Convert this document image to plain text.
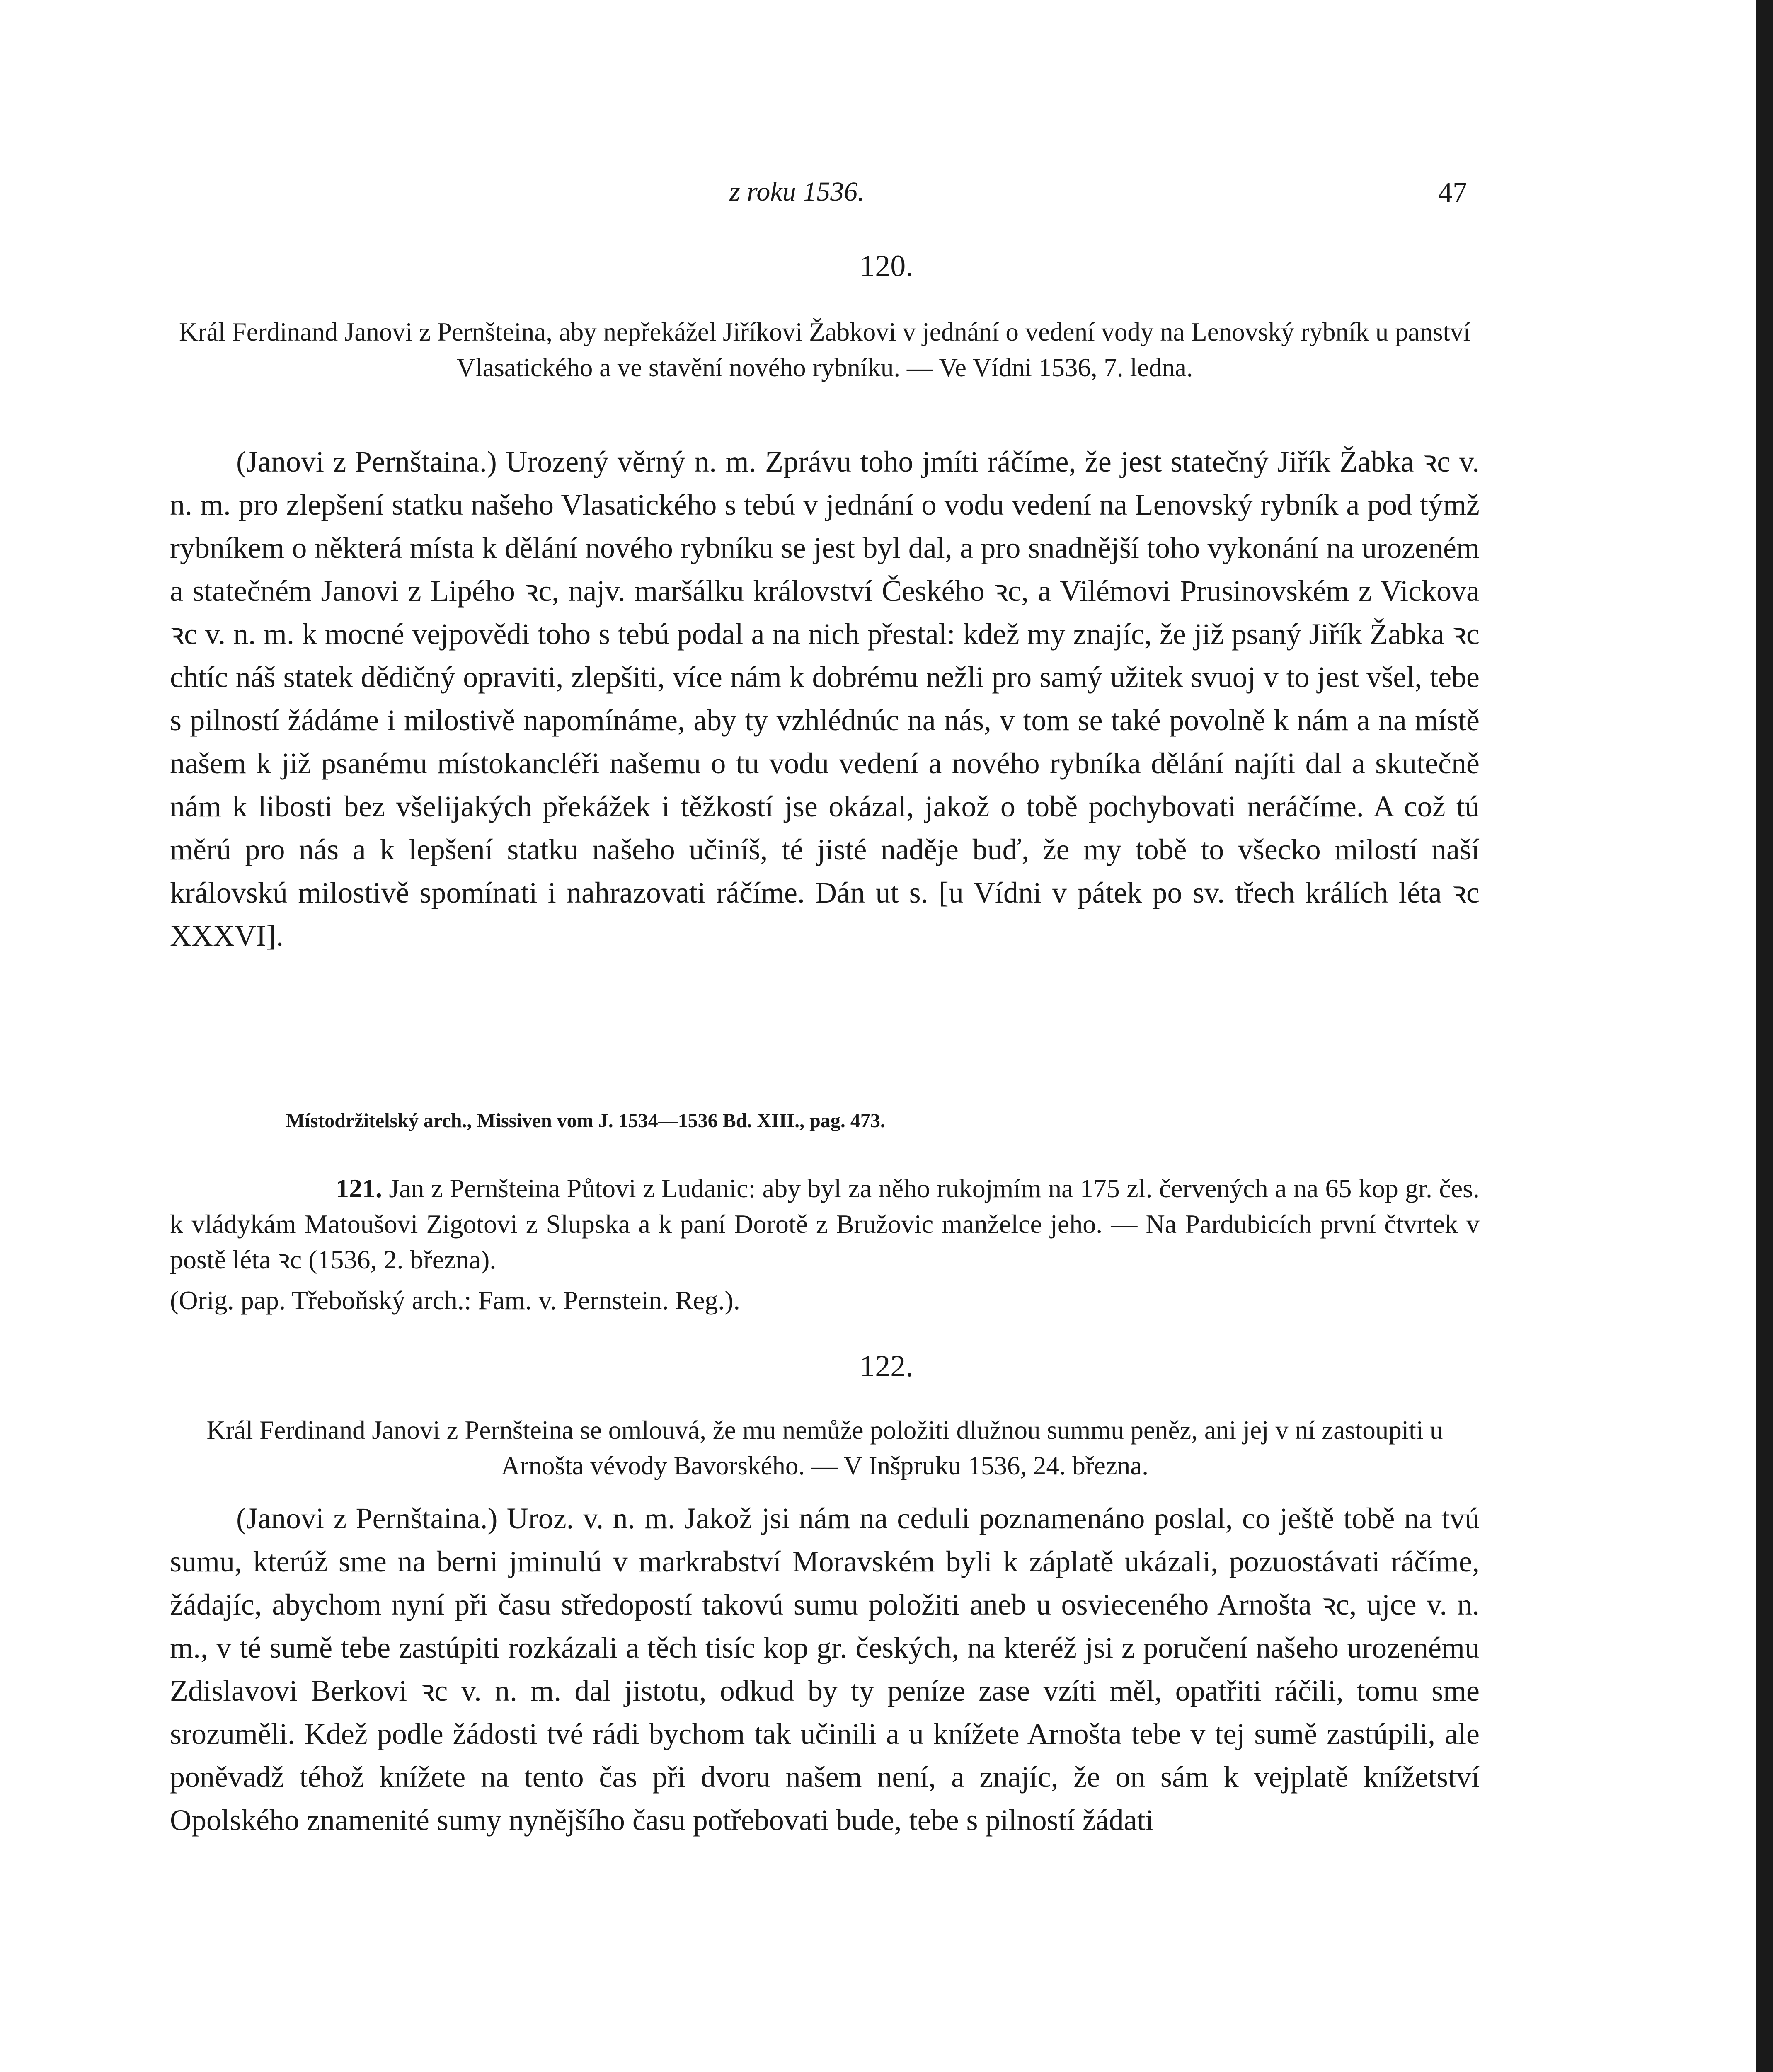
z roku 1536.	47
120.
Král Ferdinand Janovi z Pernšteina, aby nepřekážel Jiříkovi Žabkovi v jednání o vedení vody na Lenovský rybník u panství Vlasatického a ve stavění nového rybníku. — Ve Vídni 1536, 7. ledna.
(Janovi z Pernštaina.) Urozený věrný n. m. Zprávu toho jmíti ráčíme, že jest statečný Jiřík Žabka ꝛc v. n. m. pro zlepšení statku našeho Vlasatického s tebú v jednání o vodu vedení na Lenovský rybník a pod týmž rybníkem o některá místa k dělání nového rybníku se jest byl dal, a pro snadnější toho vykonání na urozeném a statečném Janovi z Lipého ꝛc, najv. maršálku království Českého ꝛc, a Vilémovi Prusinovském z Vickova ꝛc v. n. m. k mocné vejpovědi toho s tebú podal a na nich přestal: kdež my znajíc, že již psaný Jiřík Žabka ꝛc chtíc náš statek dědičný opraviti, zlepšiti, více nám k dobrému nežli pro samý užitek svuoj v to jest všel, tebe s pilností žádáme i milostivě napomínáme, aby ty vzhlédnúc na nás, v tom se také povolně k nám a na místě našem k již psanému místokancléři našemu o tu vodu vedení a nového rybníka dělání najíti dal a skutečně nám k libosti bez všelijakých překážek i těžkostí jse okázal, jakož o tobě pochybovati neráčíme. A což tú měrú pro nás a k lepšení statku našeho učiníš, té jisté naděje buď, že my tobě to všecko milostí naší královskú milostivě spomínati i nahrazovati ráčíme. Dán ut s. [u Vídni v pátek po sv. třech králích léta ꝛc XXXVI].
Místodržitelský arch., Missiven vom J. 1534—1536 Bd. XIII., pag. 473.
121. Jan z Pernšteina Půtovi z Ludanic: aby byl za něho rukojmím na 175 zl. červených a na 65 kop gr. čes. k vládykám Matoušovi Zigotovi z Slupska a k paní Dorotě z Bružovic manželce jeho. — Na Pardubicích první čtvrtek v postě léta ꝛc (1536, 2. března).
(Orig. pap. Třeboňský arch.: Fam. v. Pernstein. Reg.).
122.
Král Ferdinand Janovi z Pernšteina se omlouvá, že mu nemůže položiti dlužnou summu peněz, ani jej v ní zastoupiti u Arnošta vévody Bavorského. — V Inšpruku 1536, 24. března.
(Janovi z Pernštaina.) Uroz. v. n. m. Jakož jsi nám na ceduli poznamenáno poslal, co ještě tobě na tvú sumu, kterúž sme na berni jminulú v markrabství Moravském byli k záplatě ukázali, pozuostávati ráčíme, žádajíc, abychom nyní při času středopostí takovú sumu položiti aneb u osvieceného Arnošta ꝛc, ujce v. n. m., v té sumě tebe zastúpiti rozkázali a těch tisíc kop gr. českých, na kteréž jsi z poručení našeho urozenému Zdislavovi Berkovi ꝛc v. n. m. dal jistotu, odkud by ty peníze zase vzíti měl, opatřiti ráčili, tomu sme srozuměli. Kdež podle žádosti tvé rádi bychom tak učinili a u knížete Arnošta tebe v tej sumě zastúpili, ale poněvadž téhož knížete na tento čas při dvoru našem není, a znajíc, že on sám k vejplatě knížetství Opolského znamenité sumy nynějšího času potřebovati bude, tebe s pilností žádati
